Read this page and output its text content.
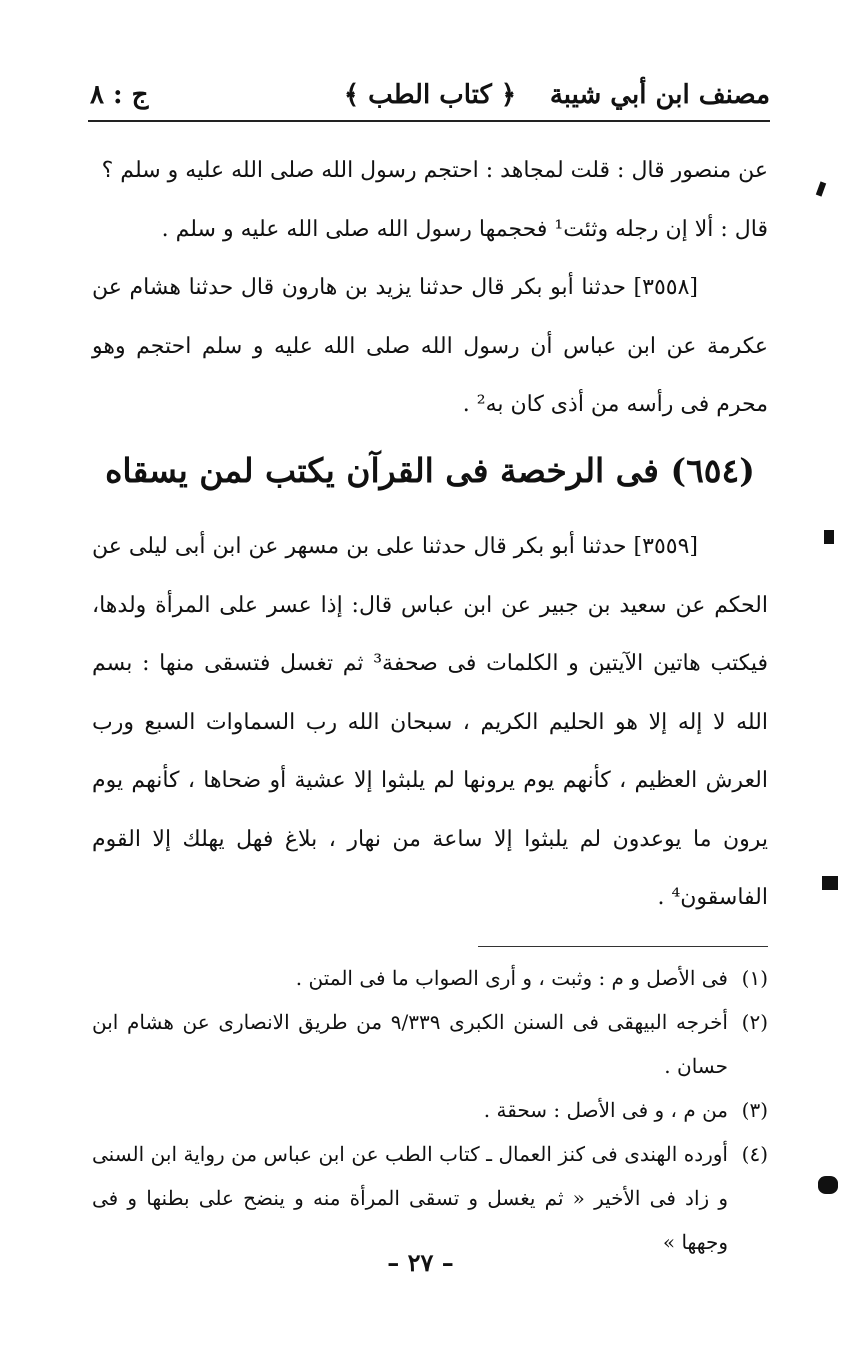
مصنف ابن أبي شيبة
﴿ كتاب الطب ﴾
ج : ٨

عن منصور قال : قلت لمجاهد : احتجم رسول الله صلى الله عليه و سلم ؟

قال : ألا إن رجله وثئت¹ فحجمها رسول الله صلى الله عليه و سلم .

[٣٥٥٨] حدثنا أبو بكر قال حدثنا يزيد بن هارون قال حدثنا هشام عن عكرمة عن ابن عباس أن رسول الله صلى الله عليه و سلم احتجم وهو محرم فى رأسه من أذى كان به² .

(٦٥٤) فى الرخصة فى القرآن يكتب لمن يسقاه

[٣٥٥٩] حدثنا أبو بكر قال حدثنا على بن مسهر عن ابن أبى ليلى عن الحكم عن سعيد بن جبير عن ابن عباس قال: إذا عسر على المرأة ولدها، فيكتب هاتين الآيتين و الكلمات فى صحفة³ ثم تغسل فتسقى منها : بسم الله لا إله إلا هو الحليم الكريم ، سبحان الله رب السماوات السبع ورب العرش العظيم ، كأنهم يوم يرونها لم يلبثوا إلا عشية أو ضحاها ، كأنهم يوم يرون ما يوعدون لم يلبثوا إلا ساعة من نهار ، بلاغ فهل يهلك إلا القوم الفاسقون⁴ .

(١)
فى الأصل و م : وثبت ، و أرى الصواب ما فى المتن .

(٢)
أخرجه البيهقى فى السنن الكبرى ٩/٣٣٩ من طريق الانصارى عن هشام ابن حسان .

(٣)
من م ، و فى الأصل : سحقة .

(٤)
أورده الهندى فى كنز العمال ـ كتاب الطب عن ابن عباس من رواية ابن السنى و زاد فى الأخير « ثم يغسل و تسقى المرأة منه و ينضح على بطنها و فى وجهها »

– ٢٧ –
